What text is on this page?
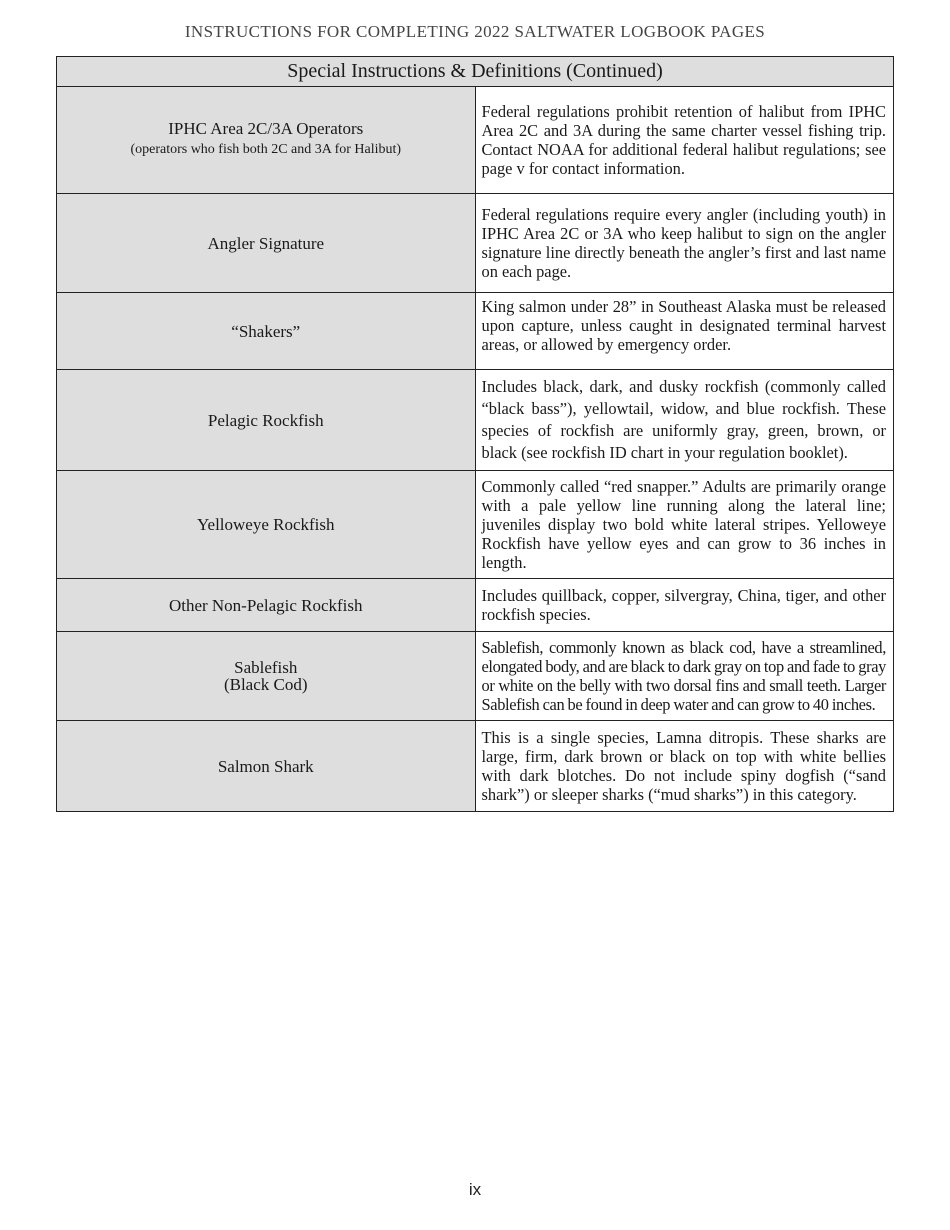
INSTRUCTIONS FOR COMPLETING 2022 SALTWATER LOGBOOK PAGES
Special Instructions & Definitions (Continued)	
IPHC Area 2C/3A Operators
(operators who fish both 2C and 3A for Halibut)	Federal regulations prohibit retention of halibut from IPHC Area 2C and 3A during the same charter vessel fishing trip. Contact NOAA for additional federal halibut regulations; see page v for contact information.
Angler Signature	Federal regulations require every angler (including youth) in IPHC Area 2C or 3A who keep halibut to sign on the angler signature line directly beneath the angler’s first and last name on each page.
“Shakers”	King salmon under 28” in Southeast Alaska must be released upon capture, unless caught in designated terminal harvest areas, or allowed by emergency order.
Pelagic Rockfish	Includes black, dark, and dusky rockfish (commonly called “black bass”), yellowtail, widow, and blue rockfish. These species of rockfish are uniformly gray, green, brown, or black (see rockfish ID chart in your regulation booklet).
Yelloweye Rockfish	Commonly called “red snapper.” Adults are primarily orange with a pale yellow line running along the lateral line; juveniles display two bold white lateral stripes. Yelloweye Rockfish have yellow eyes and can grow to 36 inches in length.
Other Non-Pelagic Rockfish	Includes quillback, copper, silvergray, China, tiger, and other rockfish species.
Sablefish
(Black Cod)	Sablefish, commonly known as black cod, have a streamlined, elongated body, and are black to dark gray on top and fade to gray or white on the belly with two dorsal fins and small teeth. Larger Sablefish can be found in deep water and can grow to 40 inches.
Salmon Shark	This is a single species, Lamna ditropis. These sharks are large, firm, dark brown or black on top with white bellies with dark blotches. Do not include spiny dogfish (“sand shark”) or sleeper sharks (“mud sharks”) in this category.
ix
